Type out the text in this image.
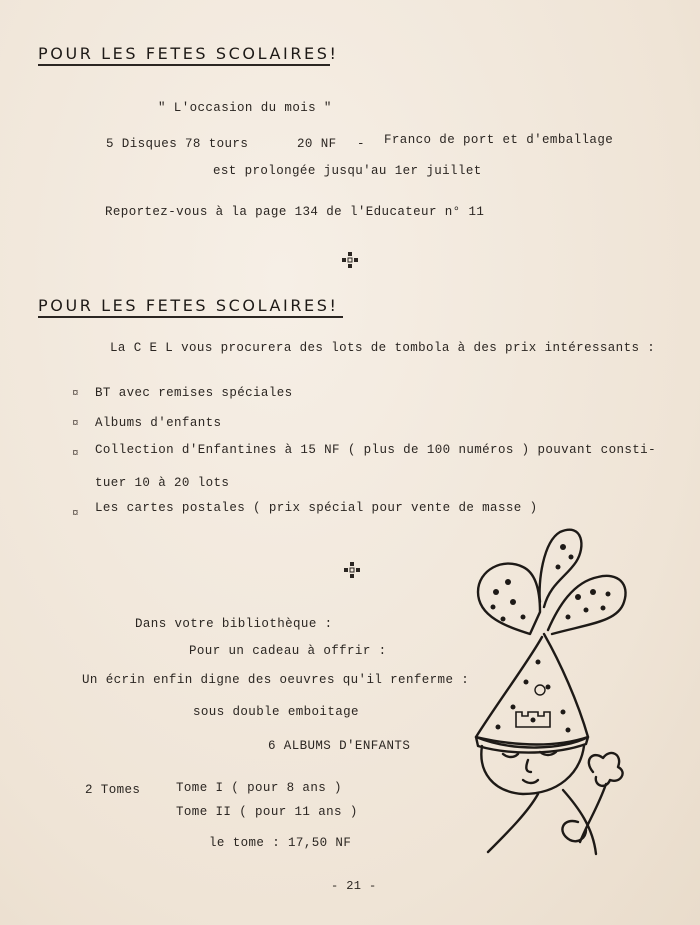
POUR LES FETES SCOLAIRES!
" L'occasion du mois "
5 Disques 78 tours	20 NF - Franco de port et d'emballage
est prolongée jusqu'au 1er juillet
Reportez-vous à la page 134 de l'Educateur n° 11
POUR LES FETES SCOLAIRES!
La C E L vous procurera des lots de tombola à des prix intéressants :
¤ BT avec remises spéciales
¤ Albums d'enfants
¤ Collection d'Enfantines à 15 NF ( plus de 100 numéros ) pouvant consti-
tuer 10 à 20 lots
¤ Les cartes postales ( prix spécial pour vente de masse )
Dans votre bibliothèque :
Pour un cadeau à offrir :
Un écrin enfin digne des oeuvres qu'il renferme :
sous double emboitage
6 ALBUMS D'ENFANTS
2 Tomes	Tome I ( pour 8 ans )
Tome II ( pour 11 ans )
le tome : 17,50 NF
- 21 -
